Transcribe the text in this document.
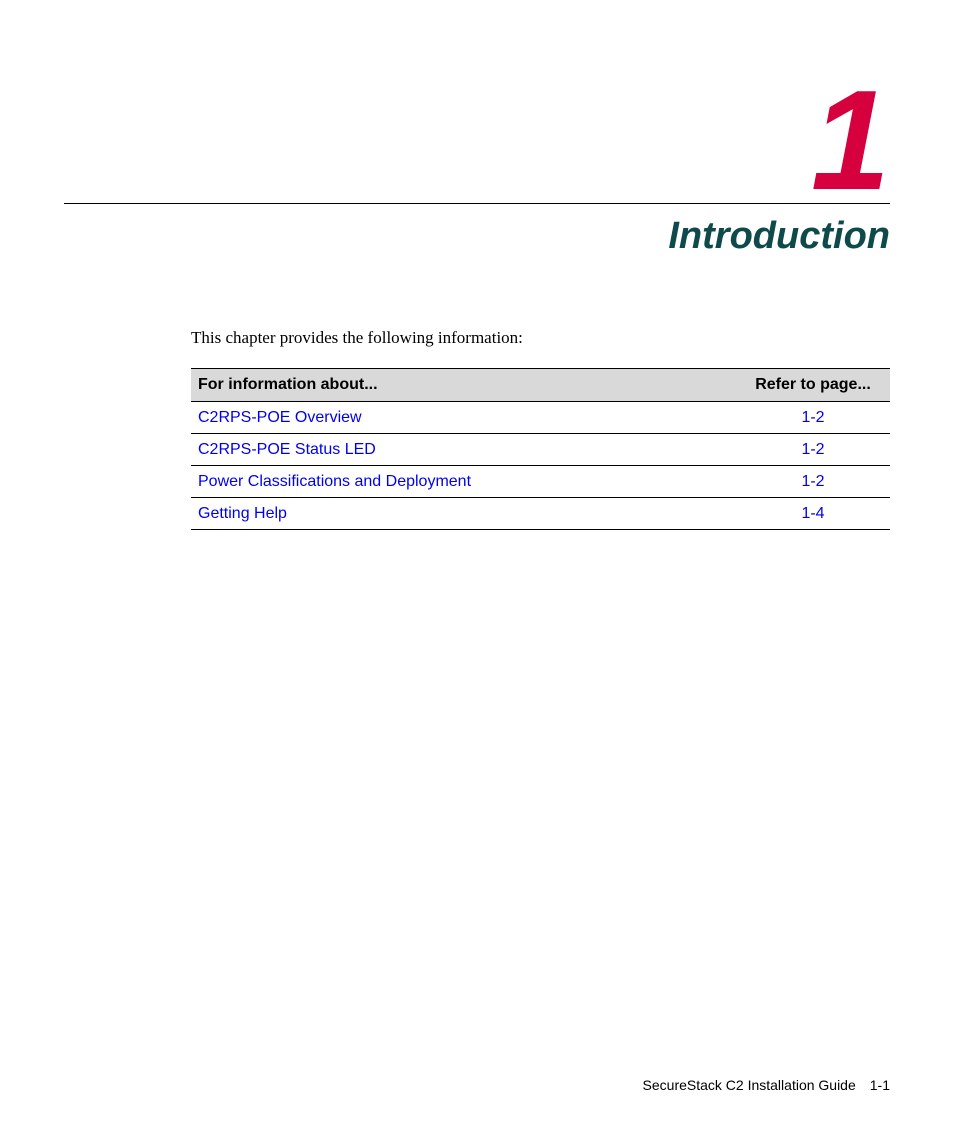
1
Introduction

This chapter provides the following information:

For information about...	Refer to page...
C2RPS-POE Overview	1-2
C2RPS-POE Status LED	1-2
Power Classifications and Deployment	1-2
Getting Help	1-4
SecureStack C2 Installation Guide 1-1
